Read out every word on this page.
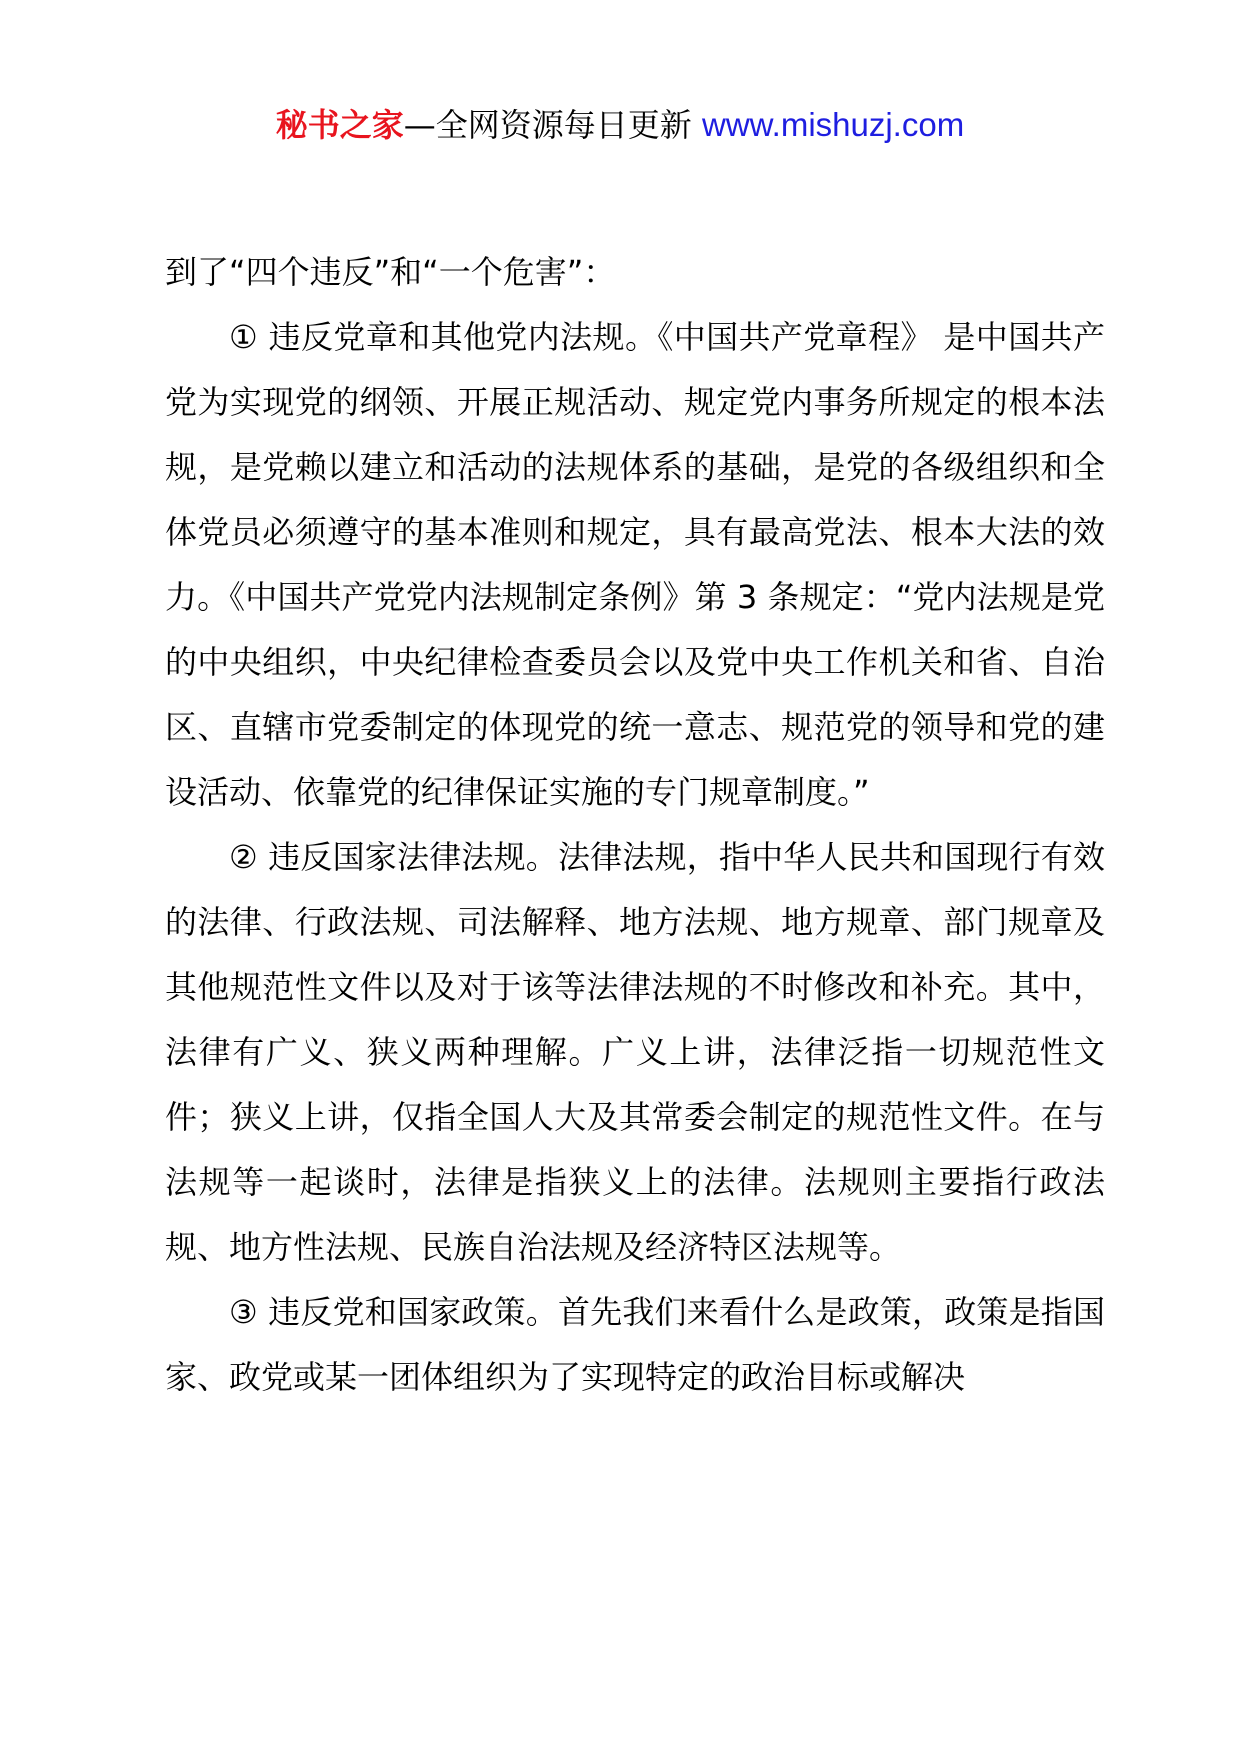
秘书之家—全网资源每日更新 www.mishuzj.com

到了“四个违反”和“一个危害”：

① 违反党章和其他党内法规。《中国共产党章程》 是中国共产党为实现党的纲领、开展正规活动、规定党内事务所规定的根本法规，是党赖以建立和活动的法规体系的基础，是党的各级组织和全体党员必须遵守的基本准则和规定，具有最高党法、根本大法的效力。《中国共产党党内法规制定条例》第 3 条规定：“党内法规是党的中央组织，中央纪律检查委员会以及党中央工作机关和省、自治区、直辖市党委制定的体现党的统一意志、规范党的领导和党的建设活动、依靠党的纪律保证实施的专门规章制度。”

② 违反国家法律法规。法律法规，指中华人民共和国现行有效的法律、行政法规、司法解释、地方法规、地方规章、部门规章及其他规范性文件以及对于该等法律法规的不时修改和补充。其中，法律有广义、狭义两种理解。广义上讲，法律泛指一切规范性文件；狭义上讲，仅指全国人大及其常委会制定的规范性文件。在与法规等一起谈时，法律是指狭义上的法律。法规则主要指行政法规、地方性法规、民族自治法规及经济特区法规等。

③ 违反党和国家政策。首先我们来看什么是政策，政策是指国家、政党或某一团体组织为了实现特定的政治目标或解决
